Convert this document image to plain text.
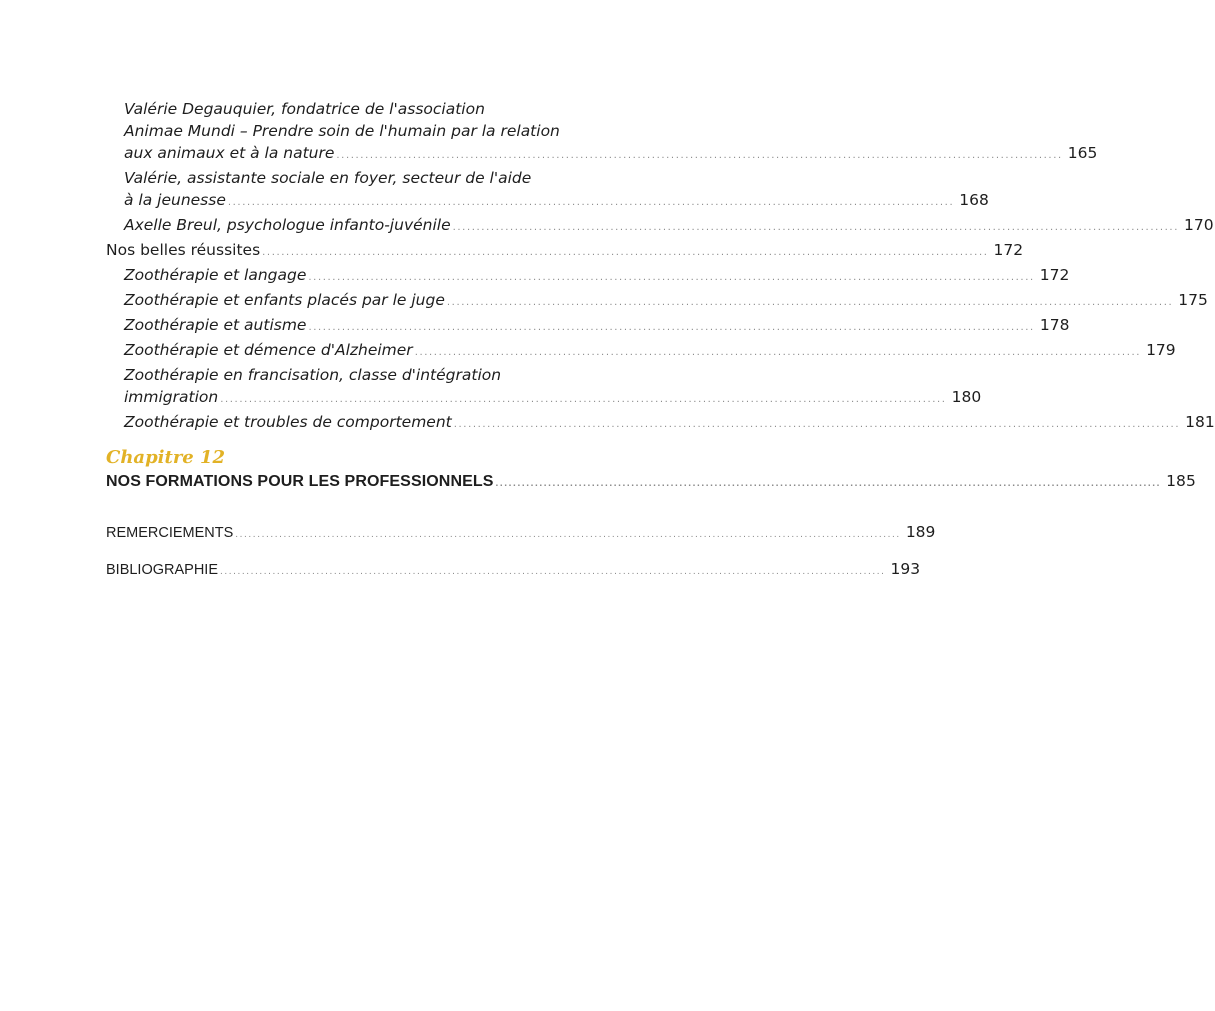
Valérie Degauquier, fondatrice de l'association
Animae Mundi – Prendre soin de l'humain par la relation
aux animaux et à la nature ........................................................................................................................................................ 165
Valérie, assistante sociale en foyer, secteur de l'aide
à la jeunesse ........................................................................................................................................................ 168
Axelle Breul, psychologue infanto-juvénile ........................................................................................................................................................ 170
Nos belles réussites ........................................................................................................................................................ 172
Zoothérapie et langage ........................................................................................................................................................ 172
Zoothérapie et enfants placés par le juge ........................................................................................................................................................ 175
Zoothérapie et autisme ........................................................................................................................................................ 178
Zoothérapie et démence d'Alzheimer ........................................................................................................................................................ 179
Zoothérapie en francisation, classe d'intégration
immigration ........................................................................................................................................................ 180
Zoothérapie et troubles de comportement ........................................................................................................................................................ 181
Chapitre 12
NOS FORMATIONS POUR LES PROFESSIONNELS ........................................................................................................................................................ 185
REMERCIEMENTS ........................................................................................................................................................ 189
BIBLIOGRAPHIE ........................................................................................................................................................ 193
